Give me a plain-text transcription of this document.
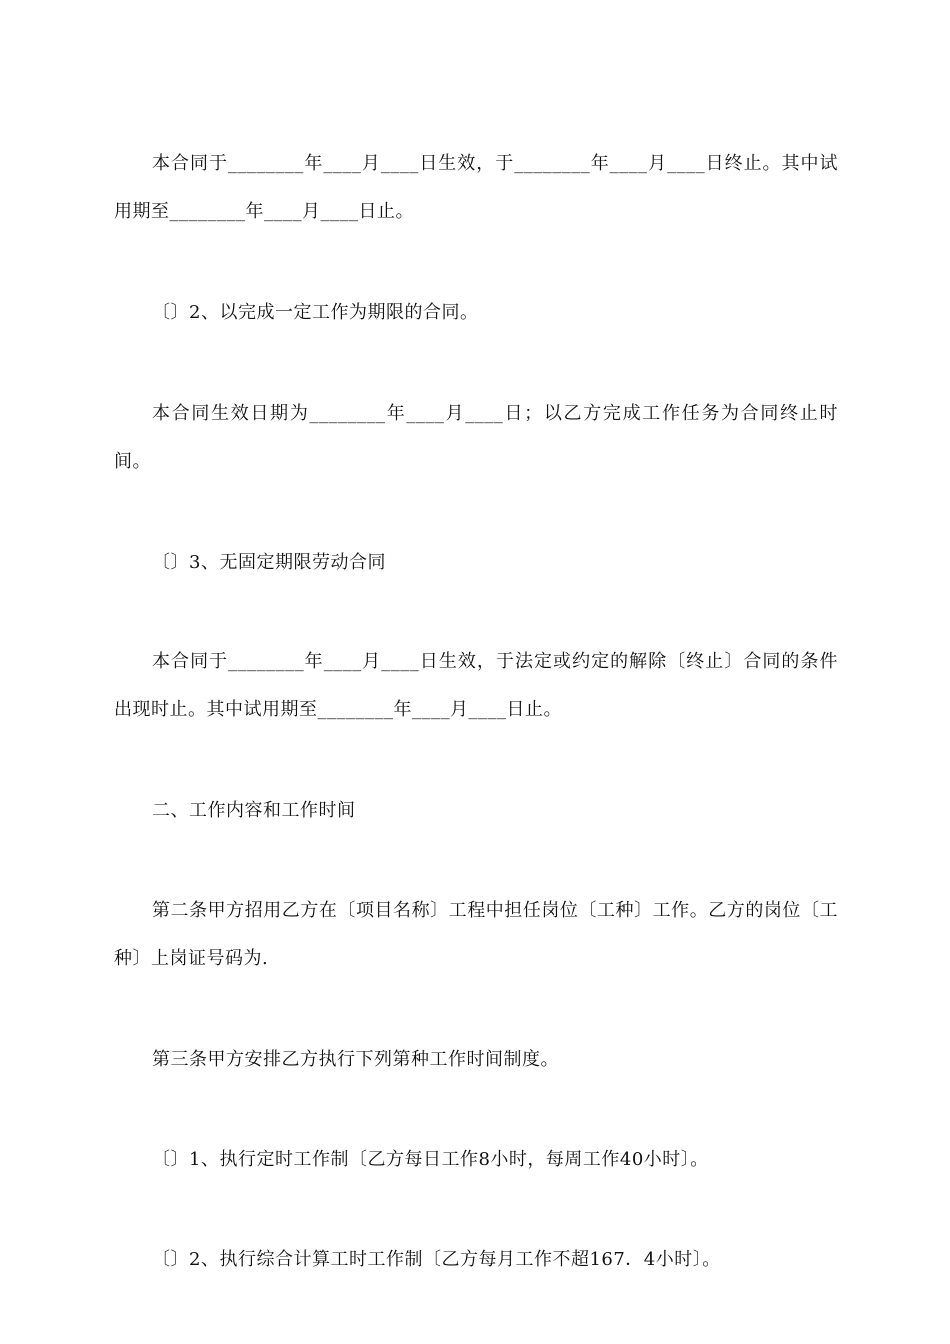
本合同于________年____月____日生效，于________年____月____日终止。其中试用期至________年____月____日止。

〔〕2、以完成一定工作为期限的合同。

本合同生效日期为________年____月____日；以乙方完成工作任务为合同终止时间。

〔〕3、无固定期限劳动合同

本合同于________年____月____日生效，于法定或约定的解除〔终止〕合同的条件出现时止。其中试用期至________年____月____日止。

二、工作内容和工作时间

第二条甲方招用乙方在〔项目名称〕工程中担任岗位〔工种〕工作。乙方的岗位〔工种〕上岗证号码为.

第三条甲方安排乙方执行下列第种工作时间制度。

〔〕1、执行定时工作制〔乙方每日工作8小时，每周工作40小时〕。

〔〕2、执行综合计算工时工作制〔乙方每月工作不超167．4小时〕。
